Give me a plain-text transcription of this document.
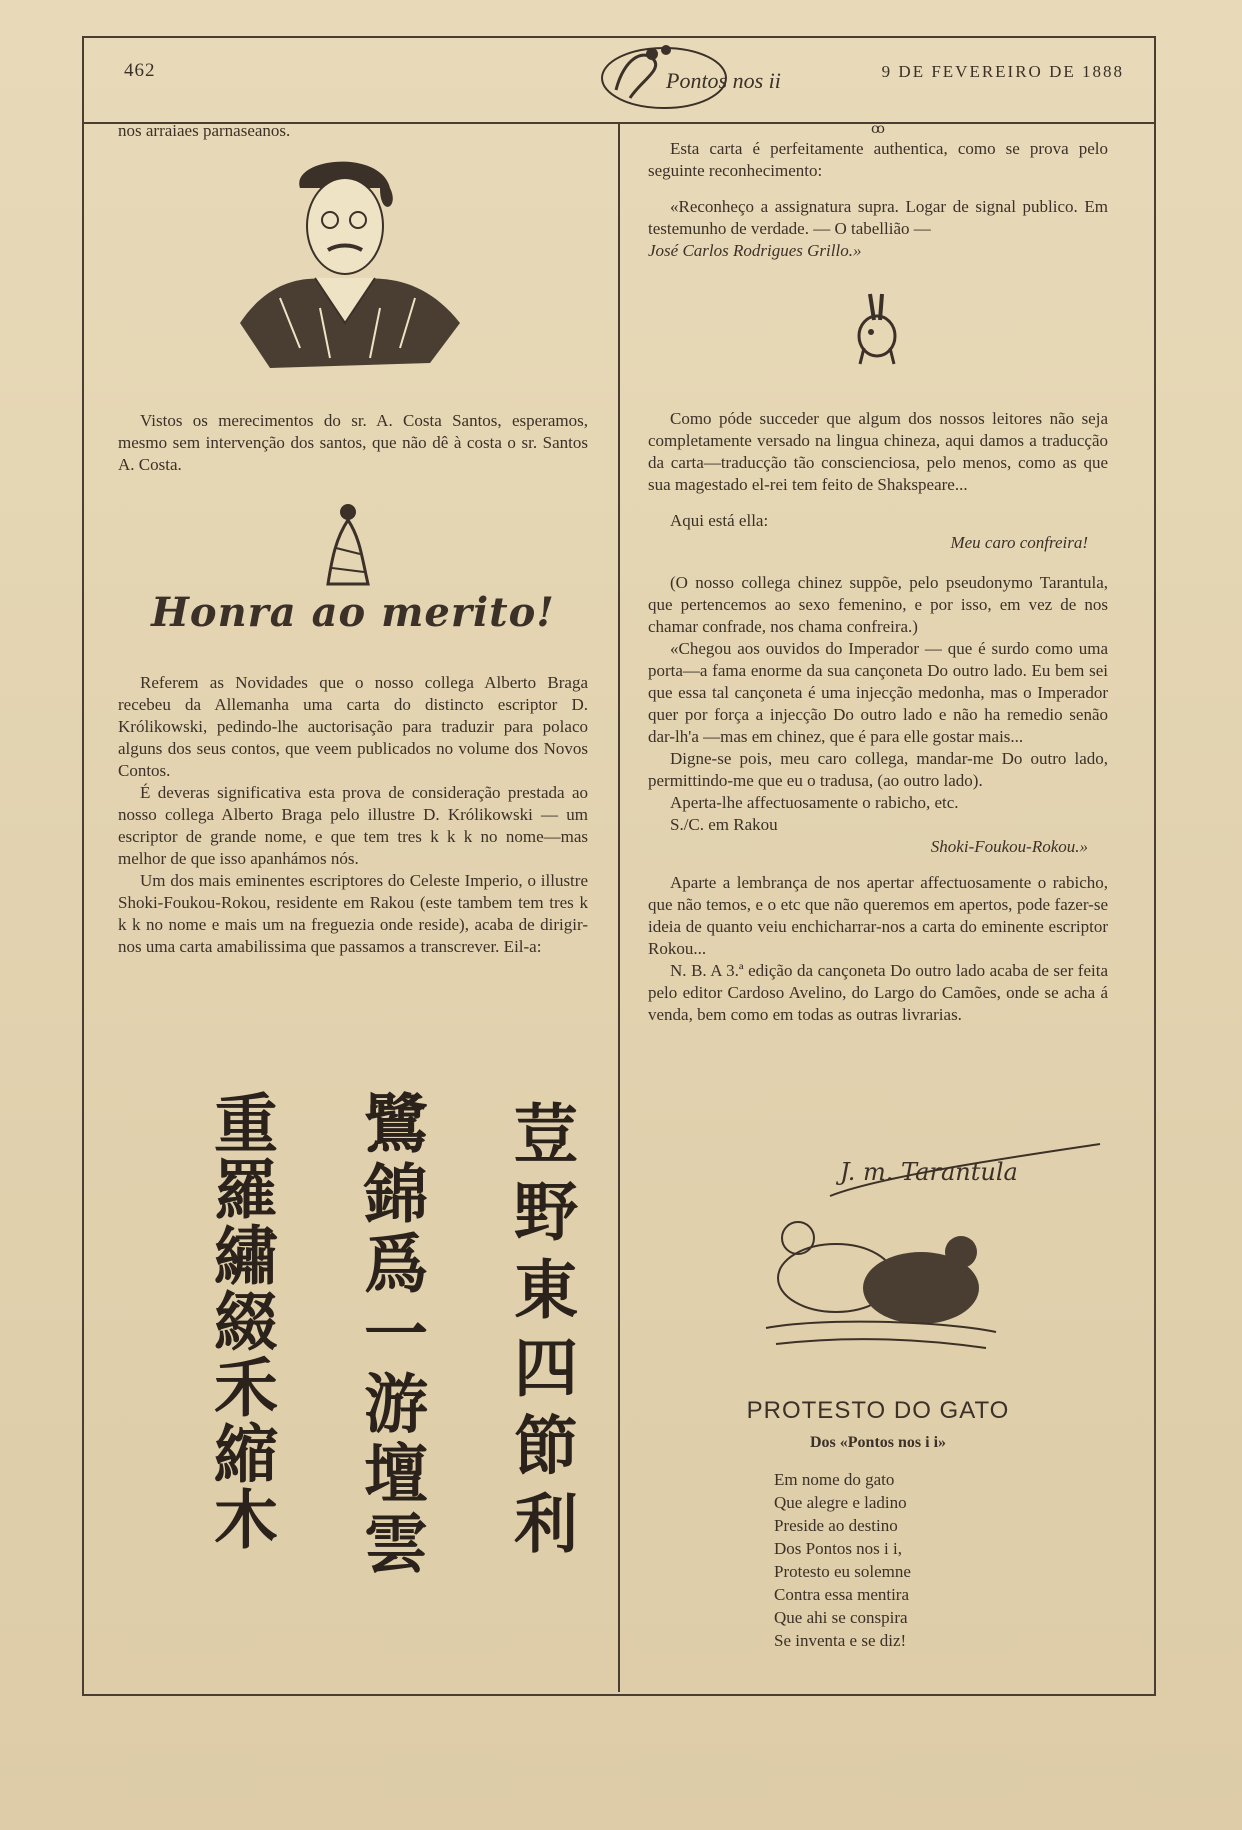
462	Pontos nos ii	9 DE FEVEREIRO DE 1888

nos arraiaes parnaseanos.

Vistos os merecimentos do sr. A. Costa Santos, esperamos, mesmo sem intervenção dos santos, que não dê à costa o sr. Santos A. Costa.

Honra ao merito!

Referem as Novidades que o nosso collega Alberto Braga recebeu da Allemanha uma carta do distincto escriptor D. Królikowski, pedindo-lhe auctorisação para traduzir para polaco alguns dos seus contos, que veem publicados no volume dos Novos Contos.

É deveras significativa esta prova de consideração prestada ao nosso collega Alberto Braga pelo illustre D. Królikowski — um escriptor de grande nome, e que tem tres k k k no nome—mas melhor de que isso apanhámos nós.

Um dos mais eminentes escriptores do Celeste Imperio, o illustre Shoki-Foukou-Rokou, residente em Rakou (este tambem tem tres k k k no nome e mais um na freguezia onde reside), acaba de dirigir-nos uma carta amabilissima que passamos a transcrever. Eil-a:

荳野東四節利
鷺錦爲一游壇雲
重羅繡綴禾縮木
ꝏ

Esta carta é perfeitamente authentica, como se prova pelo seguinte reconhecimento:

«Reconheço a assignatura supra. Logar de signal publico. Em testemunho de verdade. — O tabellião —

José Carlos Rodrigues Grillo.»

Como póde succeder que algum dos nossos leitores não seja completamente versado na lingua chineza, aqui damos a traducção da carta—traducção tão conscienciosa, pelo menos, como as que sua magestado el-rei tem feito de Shakspeare...

Aqui está ella:

Meu caro confreira!

(O nosso collega chinez suppõe, pelo pseudonymo Tarantula, que pertencemos ao sexo femenino, e por isso, em vez de nos chamar confrade, nos chama confreira.)

«Chegou aos ouvidos do Imperador — que é surdo como uma porta—a fama enorme da sua cançoneta Do outro lado. Eu bem sei que essa tal cançoneta é uma injecção medonha, mas o Imperador quer por força a injecção Do outro lado e não ha remedio senão dar-lh'a —mas em chinez, que é para elle gostar mais...

Digne-se pois, meu caro collega, mandar-me Do outro lado, permittindo-me que eu o tradusa, (ao outro lado).

Aperta-lhe affectuosamente o rabicho, etc.

S./C. em Rakou

Shoki-Foukou-Rokou.»

Aparte a lembrança de nos apertar affectuosamente o rabicho, que não temos, e o etc que não queremos em apertos, pode fazer-se ideia de quanto veiu enchicharrar-nos a carta do eminente escriptor Rokou...

N. B. A 3.ª edição da cançoneta Do outro lado acaba de ser feita pelo editor Cardoso Avelino, do Largo do Camões, onde se acha á venda, bem como em todas as outras livrarias.

J. m. Tarantula
PROTESTO DO GATO
Dos «Pontos nos i i»
Em nome do gato
Que alegre e ladino
Preside ao destino
Dos Pontos nos i i,
Protesto eu solemne
Contra essa mentira
Que ahi se conspira
Se inventa e se diz!
